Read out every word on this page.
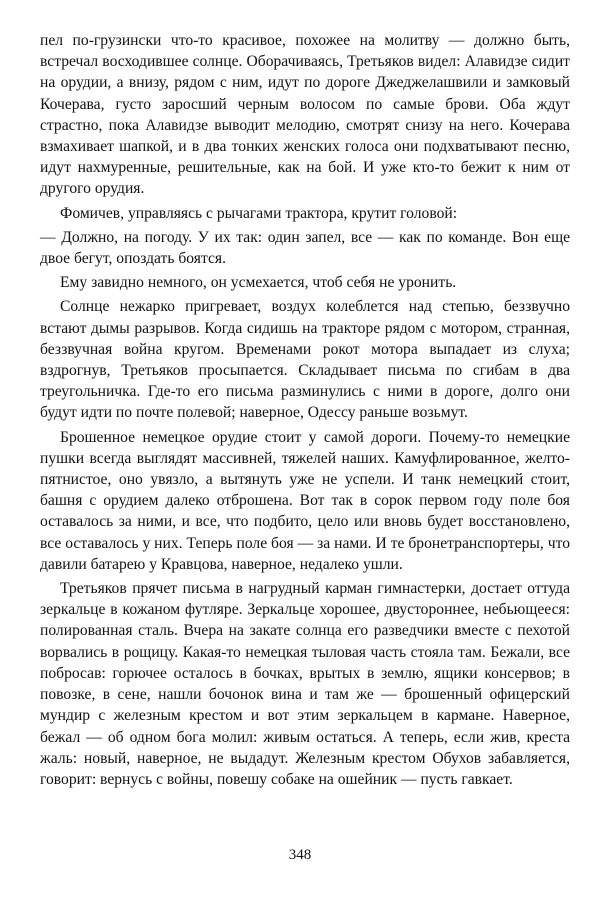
пел по-грузински что-то красивое, похожее на молитву — должно быть, встречал восходившее солнце. Оборачиваясь, Третьяков видел: Алавидзе сидит на орудии, а внизу, рядом с ним, идут по дороге Джеджелашвили и замковый Кочерава, густо заросший черным волосом по самые брови. Оба ждут страстно, пока Алавидзе выводит мелодию, смотрят снизу на него. Кочерава взмахивает шапкой, и в два тонких женских голоса они подхватывают песню, идут нахмуренные, решительные, как на бой. И уже кто-то бежит к ним от другого орудия.

Фомичев, управляясь с рычагами трактора, крутит головой:

— Должно, на погоду. У их так: один запел, все — как по команде. Вон еще двое бегут, опоздать боятся.

Ему завидно немного, он усмехается, чтоб себя не уронить.

Солнце нежарко пригревает, воздух колеблется над степью, беззвучно встают дымы разрывов. Когда сидишь на тракторе рядом с мотором, странная, беззвучная война кругом. Временами рокот мотора выпадает из слуха; вздрогнув, Третьяков просыпается. Складывает письма по сгибам в два треугольничка. Где-то его письма разминулись с ними в дороге, долго они будут идти по почте полевой; наверное, Одессу раньше возьмут.

Брошенное немецкое орудие стоит у самой дороги. Почему-то немецкие пушки всегда выглядят массивней, тяжелей наших. Камуфлированное, желто-пятнистое, оно увязло, а вытянуть уже не успели. И танк немецкий стоит, башня с орудием далеко отброшена. Вот так в сорок первом году поле боя оставалось за ними, и все, что подбито, цело или вновь будет восстановлено, все оставалось у них. Теперь поле боя — за нами. И те бронетранспортеры, что давили батарею у Кравцова, наверное, недалеко ушли.

Третьяков прячет письма в нагрудный карман гимнастерки, достает оттуда зеркальце в кожаном футляре. Зеркальце хорошее, двустороннее, небьющееся: полированная сталь. Вчера на закате солнца его разведчики вместе с пехотой ворвались в рощицу. Какая-то немецкая тыловая часть стояла там. Бежали, все побросав: горючее осталось в бочках, врытых в землю, ящики консервов; в повозке, в сене, нашли бочонок вина и там же — брошенный офицерский мундир с железным крестом и вот этим зеркальцем в кармане. Наверное, бежал — об одном бога молил: живым остаться. А теперь, если жив, креста жаль: новый, наверное, не выдадут. Железным крестом Обухов забавляется, говорит: вернусь с войны, повешу собаке на ошейник — пусть гавкает.

348
